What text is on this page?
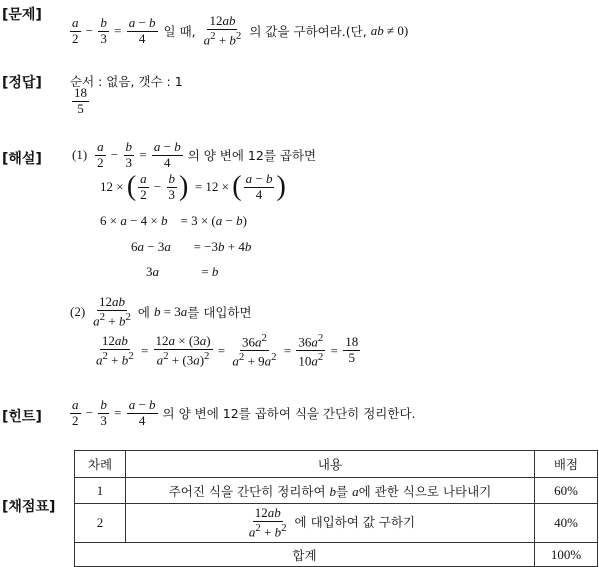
[문제]
[정답]
[해설]
[힌트]
[채점표]
$\frac{a}{2} - \frac{b}{3} = \frac{a - b}{4}$ 일 때, $\frac{12ab}{a^2 + b^2}$ 의 값을 구하여라.(단, ab ≠ 0 )
순서 : 없음, 갯수 : 1
$\frac{18}{5}$
$(1) \frac{a}{2} - \frac{b}{3} = \frac{a - b}{4}$ 의 양 변에 12를 곱하면
12 × ( $\frac{a}{2} - \frac{b}{3}$ ) = 12 × ( $\frac{a - b}{4}$ )
6 × a − 4 × b    = 3 × (a − b)
6a − 3a       = −3b + 4b
3a             = b
$(2) \frac{12ab}{a^2 + b^2}$ 에 b = 3a 를 대입하면
$\frac{12ab}{a^2 + b^2} = \frac{12a \times (3a)}{a^2 + (3a)^2} = \frac{36a^2}{a^2 + 9a^2} = \frac{36a^2}{10a^2} = \frac{18}{5}$
$\frac{a}{2} - \frac{b}{3} = \frac{a - b}{4}$ 의 양 변에 12를 곱하여 식을 간단히 정리한다.
차례	내용	배점
1	주어진 식을 간단히 정리하여 b를 a에 관한 식으로 나타내기	60%
2	$\frac{12ab}{a^2 + b^2}$ 에 대입하여 값 구하기	40%
합계		100%
